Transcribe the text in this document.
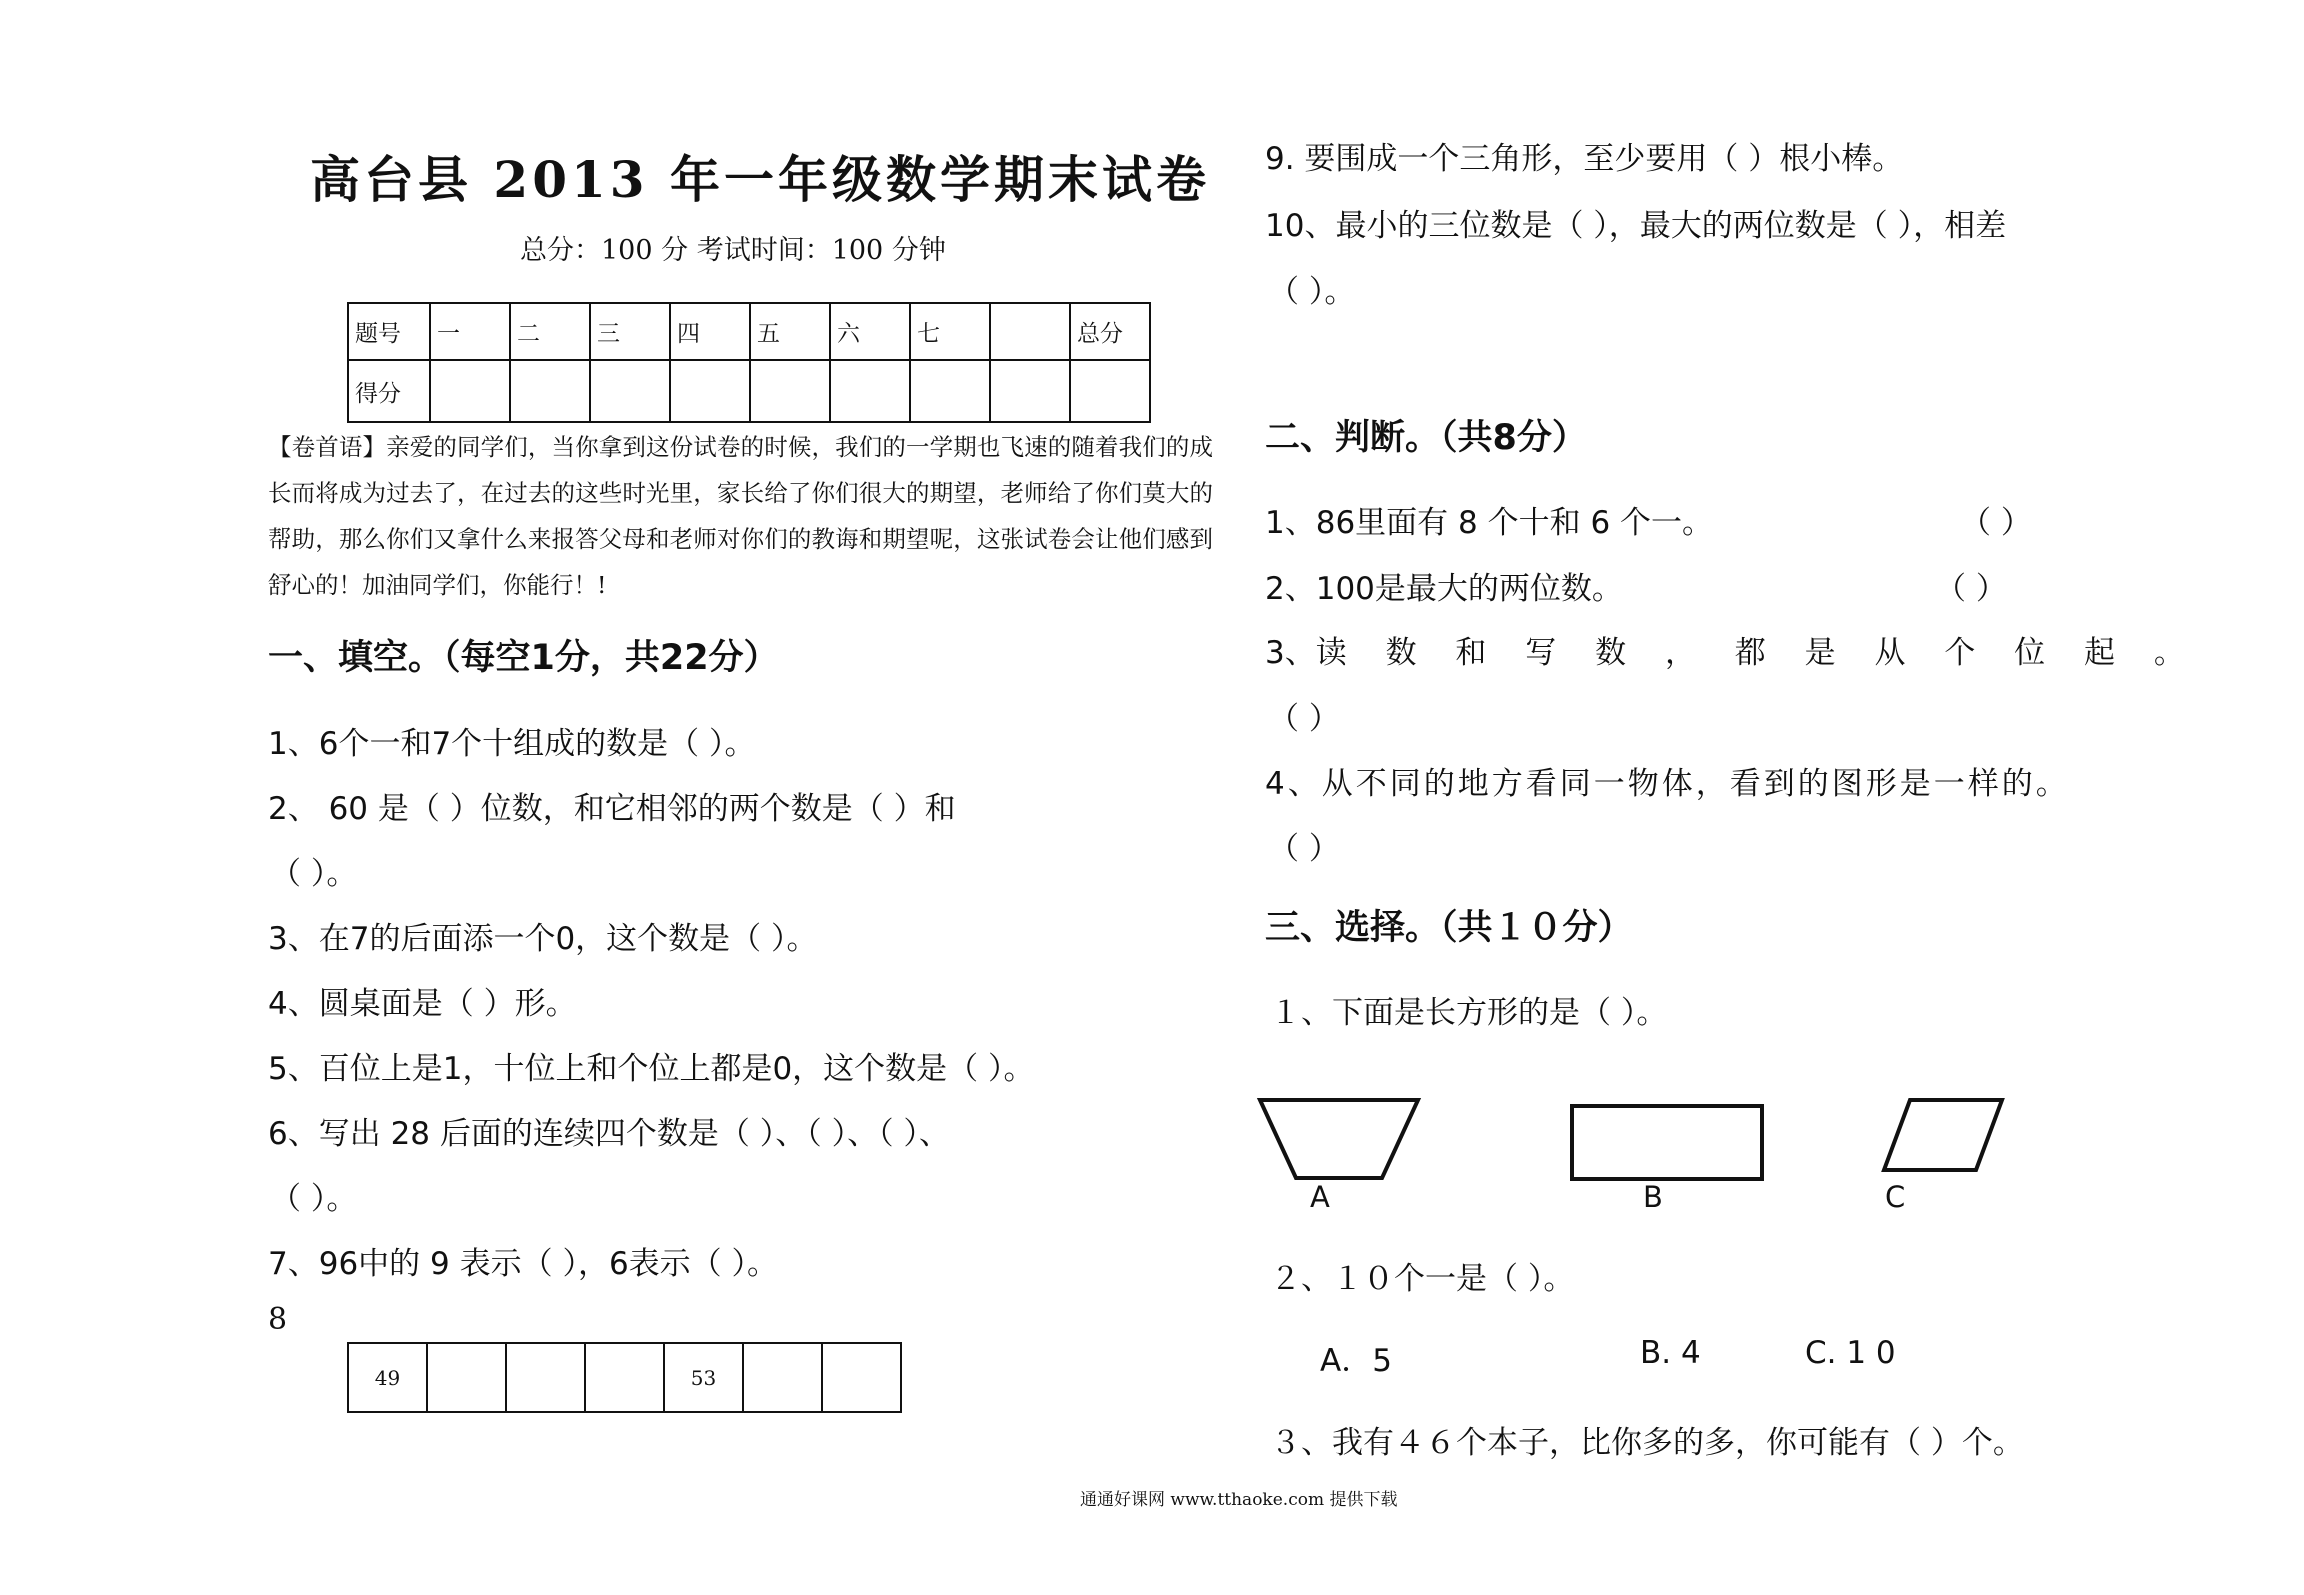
高台县 2013 年一年级数学期末试卷
总分：100 分 考试时间：100 分钟
题号	一	二	三	四	五	六	七		总分
得分									
【卷首语】亲爱的同学们，当你拿到这份试卷的时候，我们的一学期也飞速的随着我们的成长而将成为过去了，在过去的这些时光里，家长给了你们很大的期望，老师给了你们莫大的帮助，那么你们又拿什么来报答父母和老师对你们的教诲和期望呢，这张试卷会让他们感到舒心的！加油同学们，你能行！!
一、填空。（每空1分，共22分）
1、6个一和7个十组成的数是（ ）。
2、 60 是（ ）位数，和它相邻的两个数是（ ）和
（ ）。
3、在7的后面添一个0，这个数是（ ）。
4、圆桌面是（ ）形。
5、百位上是1，十位上和个位上都是0，这个数是（ ）。
6、写出 28 后面的连续四个数是（ ）、（ ）、（ ）、
（ ）。
7、96中的 9 表示（ ），6表示（ ）。
8
49				53		
9. 要围成一个三角形，至少要用（ ）根小棒。
10、最小的三位数是（ ），最大的两位数是（ ），相差
（ ）。
二、判断。（共8分）
1、86里面有 8 个十和 6 个一。	（ ）
2、100是最大的两位数。	（ ）
3、读 数 和 写 数 ， 都 是 从 个 位 起 。
（ ）
4、从不同的地方看同一物体，看到的图形是一样的。
（ ）
三、选择。（共１０分）
１、下面是长方形的是（ ）。
A	B	C
２、１０个一是（ ）。
A．5	B. 4	C. 1 0
３、我有４６个本子，比你多的多，你可能有（ ）个。
通通好课网 www.tthaoke.com 提供下载
